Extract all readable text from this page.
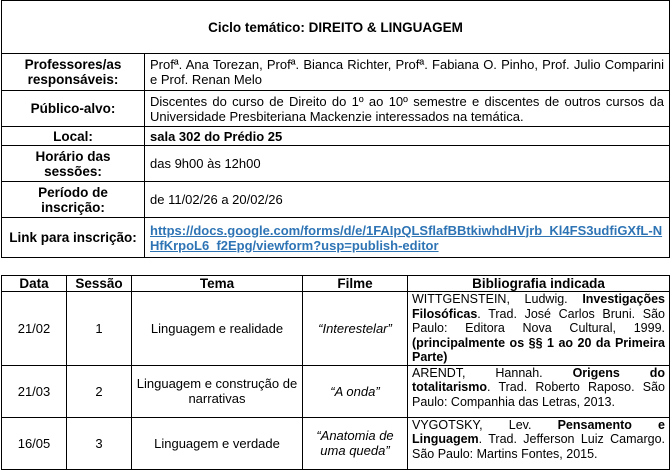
Ciclo temático: DIREITO & LINGUAGEM	
Professores/as responsáveis:	Profª. Ana Torezan, Profª. Bianca Richter, Profª. Fabiana O. Pinho, Prof. Julio Comparini e Prof. Renan Melo
Público-alvo:	Discentes do curso de Direito do 1º ao 10º semestre e discentes de outros cursos da Universidade Presbiteriana Mackenzie interessados na temática.
Local:	sala 302 do Prédio 25
Horário das sessões:	das 9h00 às 12h00
Período de inscrição:	de 11/02/26 a 20/02/26
Link para inscrição:	https://docs.google.com/forms/d/e/1FAIpQLSflafBBtkiwhdHVjrb_Kl4FS3udfiGXfL-NHfKrpoL6_f2Epg/viewform?usp=publish-editor
Data	Sessão	Tema	Filme	Bibliografia indicada
21/02	1	Linguagem e realidade	“Interestelar”	WITTGENSTEIN, Ludwig. Investigações Filosóficas. Trad. José Carlos Bruni. São Paulo: Editora Nova Cultural, 1999. (principalmente os §§ 1 ao 20 da Primeira Parte)
21/03	2	Linguagem e construção de narrativas	“A onda”	ARENDT, Hannah. Origens do totalitarismo. Trad. Roberto Raposo. São Paulo: Companhia das Letras, 2013.
16/05	3	Linguagem e verdade	“Anatomia de uma queda”	VYGOTSKY, Lev. Pensamento e Linguagem. Trad. Jefferson Luiz Camargo. São Paulo: Martins Fontes, 2015.
